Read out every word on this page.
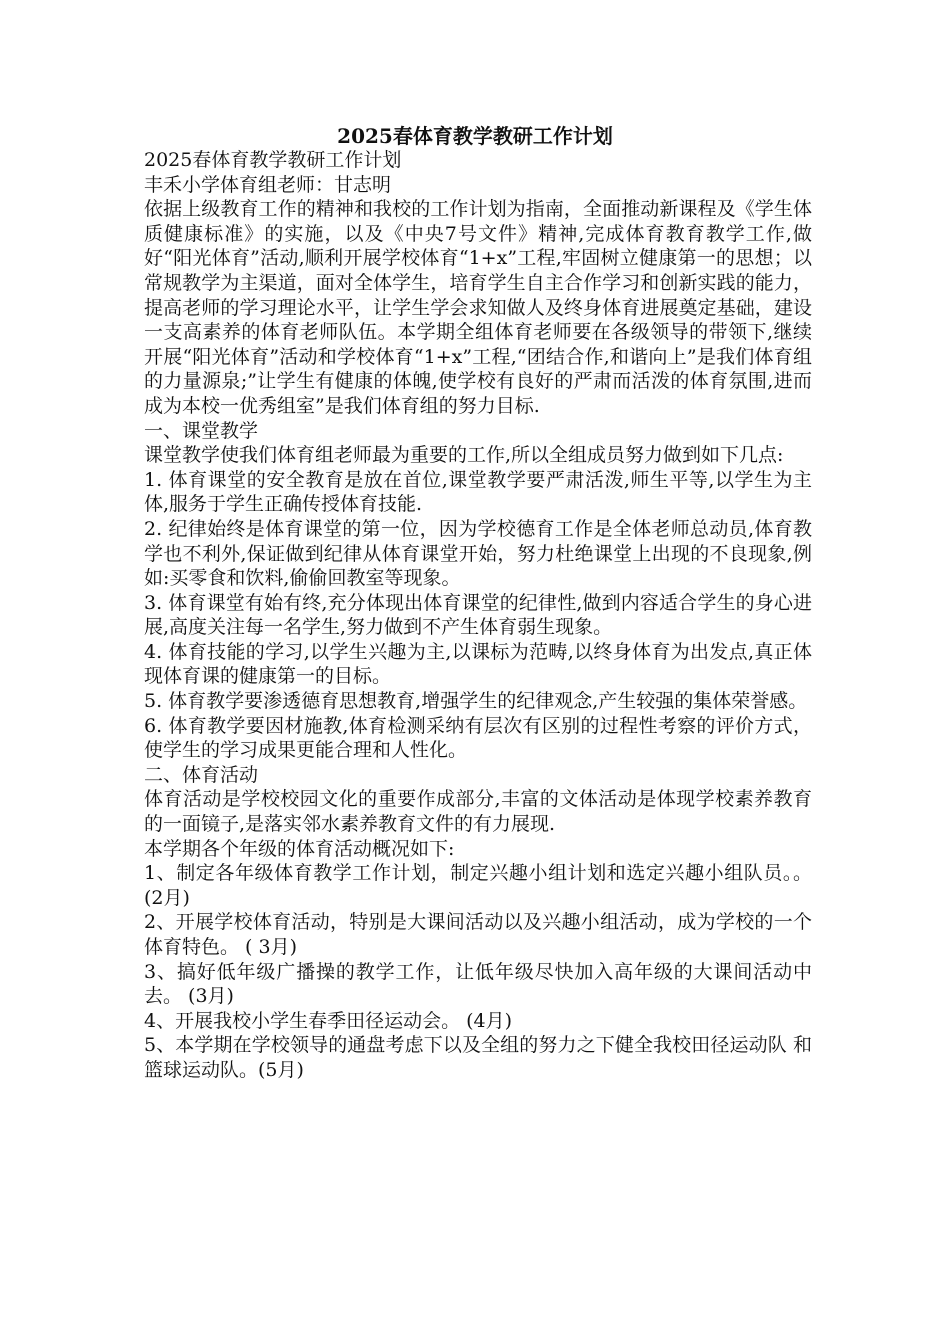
2025春体育教学教研工作计划

2025春体育教学教研工作计划

丰禾小学体育组老师：甘志明

依据上级教育工作的精神和我校的工作计划为指南，全面推动新课程及《学生体质健康标准》的实施，以及《中央7号文件》精神,完成体育教育教学工作,做好“阳光体育”活动,顺利开展学校体育“1+x”工程,牢固树立健康第一的思想；以常规教学为主渠道，面对全体学生，培育学生自主合作学习和创新实践的能力，提高老师的学习理论水平，让学生学会求知做人及终身体育进展奠定基础，建设一支高素养的体育老师队伍。本学期全组体育老师要在各级领导的带领下,继续开展“阳光体育”活动和学校体育“1+x”工程,“团结合作,和谐向上”是我们体育组的力量源泉;”让学生有健康的体魄,使学校有良好的严肃而活泼的体育氛围,进而成为本校一优秀组室”是我们体育组的努力目标.

一、课堂教学

课堂教学使我们体育组老师最为重要的工作,所以全组成员努力做到如下几点:

1. 体育课堂的安全教育是放在首位,课堂教学要严肃活泼,师生平等,以学生为主体,服务于学生正确传授体育技能.

2. 纪律始终是体育课堂的第一位，因为学校德育工作是全体老师总动员,体育教学也不利外,保证做到纪律从体育课堂开始，努力杜绝课堂上出现的不良现象,例如:买零食和饮料,偷偷回教室等现象。

3. 体育课堂有始有终,充分体现出体育课堂的纪律性,做到内容适合学生的身心进展,高度关注每一名学生,努力做到不产生体育弱生现象。

4. 体育技能的学习,以学生兴趣为主,以课标为范畴,以终身体育为出发点,真正体现体育课的健康第一的目标。

5. 体育教学要渗透德育思想教育,增强学生的纪律观念,产生较强的集体荣誉感。

6. 体育教学要因材施教,体育检测采纳有层次有区别的过程性考察的评价方式，使学生的学习成果更能合理和人性化。

二、体育活动

体育活动是学校校园文化的重要作成部分,丰富的文体活动是体现学校素养教育的一面镜子,是落实邻水素养教育文件的有力展现.

本学期各个年级的体育活动概况如下:

1、制定各年级体育教学工作计划，制定兴趣小组计划和选定兴趣小组队员。。(2月)

2、开展学校体育活动，特别是大课间活动以及兴趣小组活动，成为学校的一个体育特色。 ( 3月)

3、搞好低年级广播操的教学工作，让低年级尽快加入高年级的大课间活动中去。 (3月)

4、开展我校小学生春季田径运动会。 (4月)

5、本学期在学校领导的通盘考虑下以及全组的努力之下健全我校田径运动队 和篮球运动队。(5月)
